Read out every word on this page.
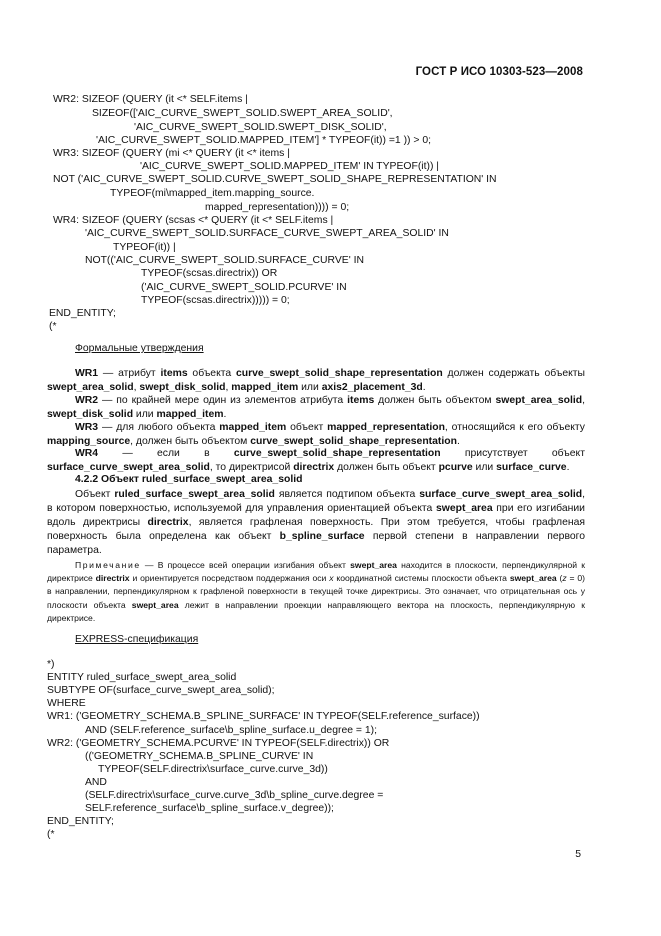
ГОСТ Р ИСО 10303-523—2008
WR2: SIZEOF (QUERY (it <* SELF.items |
SIZEOF(['AIC_CURVE_SWEPT_SOLID.SWEPT_AREA_SOLID',
'AIC_CURVE_SWEPT_SOLID.SWEPT_DISK_SOLID',
'AIC_CURVE_SWEPT_SOLID.MAPPED_ITEM'] * TYPEOF(it)) =1 )) > 0;
WR3: SIZEOF (QUERY (mi <* QUERY (it <* items |
'AIC_CURVE_SWEPT_SOLID.MAPPED_ITEM' IN TYPEOF(it)) |
NOT ('AIC_CURVE_SWEPT_SOLID.CURVE_SWEPT_SOLID_SHAPE_REPRESENTATION' IN
TYPEOF(mi\mapped_item.mapping_source.
mapped_representation)))) = 0;
WR4: SIZEOF (QUERY (scsas <* QUERY (it <* SELF.items |
'AIC_CURVE_SWEPT_SOLID.SURFACE_CURVE_SWEPT_AREA_SOLID' IN
TYPEOF(it)) |
NOT(('AIC_CURVE_SWEPT_SOLID.SURFACE_CURVE' IN
TYPEOF(scsas.directrix)) OR
('AIC_CURVE_SWEPT_SOLID.PCURVE' IN
TYPEOF(scsas.directrix))))) = 0;
END_ENTITY;
(*
Формальные утверждения
WR1 — атрибут items объекта curve_swept_solid_shape_representation должен содержать объекты swept_area_solid, swept_disk_solid, mapped_item или axis2_placement_3d.
WR2 — по крайней мере один из элементов атрибута items должен быть объектом swept_area_solid, swept_disk_solid или mapped_item.
WR3 — для любого объекта mapped_item объект mapped_representation, относящийся к его объекту mapping_source, должен быть объектом curve_swept_solid_shape_representation.
WR4 — если в curve_swept_solid_shape_representation присутствует объект surface_curve_swept_area_solid, то директрисой directrix должен быть объект pcurve или surface_curve.
4.2.2 Объект ruled_surface_swept_area_solid
Объект ruled_surface_swept_area_solid является подтипом объекта surface_curve_swept_area_solid, в котором поверхностью, используемой для управления ориентацией объекта swept_area при его изгибании вдоль директрисы directrix, является графленая поверхность. При этом требуется, чтобы графленая поверхность была определена как объект b_spline_surface первой степени в направлении первого параметра.
Примечание — В процессе всей операции изгибания объект swept_area находится в плоскости, перпендикулярной к директрисе directrix и ориентируется посредством поддержания оси x координатной системы плоскости объекта swept_area (z = 0) в направлении, перпендикулярном к графленой поверхности в текущей точке директрисы. Это означает, что отрицательная ось y плоскости объекта swept_area лежит в направлении проекции направляющего вектора на плоскость, перпендикулярную к директрисе.
EXPRESS-спецификация
*)
ENTITY ruled_surface_swept_area_solid
SUBTYPE OF(surface_curve_swept_area_solid);
WHERE
WR1: ('GEOMETRY_SCHEMA.B_SPLINE_SURFACE' IN TYPEOF(SELF.reference_surface))
AND (SELF.reference_surface\b_spline_surface.u_degree = 1);
WR2: ('GEOMETRY_SCHEMA.PCURVE' IN TYPEOF(SELF.directrix)) OR
(('GEOMETRY_SCHEMA.B_SPLINE_CURVE' IN
TYPEOF(SELF.directrix\surface_curve.curve_3d))
AND
(SELF.directrix\surface_curve.curve_3d\b_spline_curve.degree =
SELF.reference_surface\b_spline_surface.v_degree));
END_ENTITY;
(*
5
